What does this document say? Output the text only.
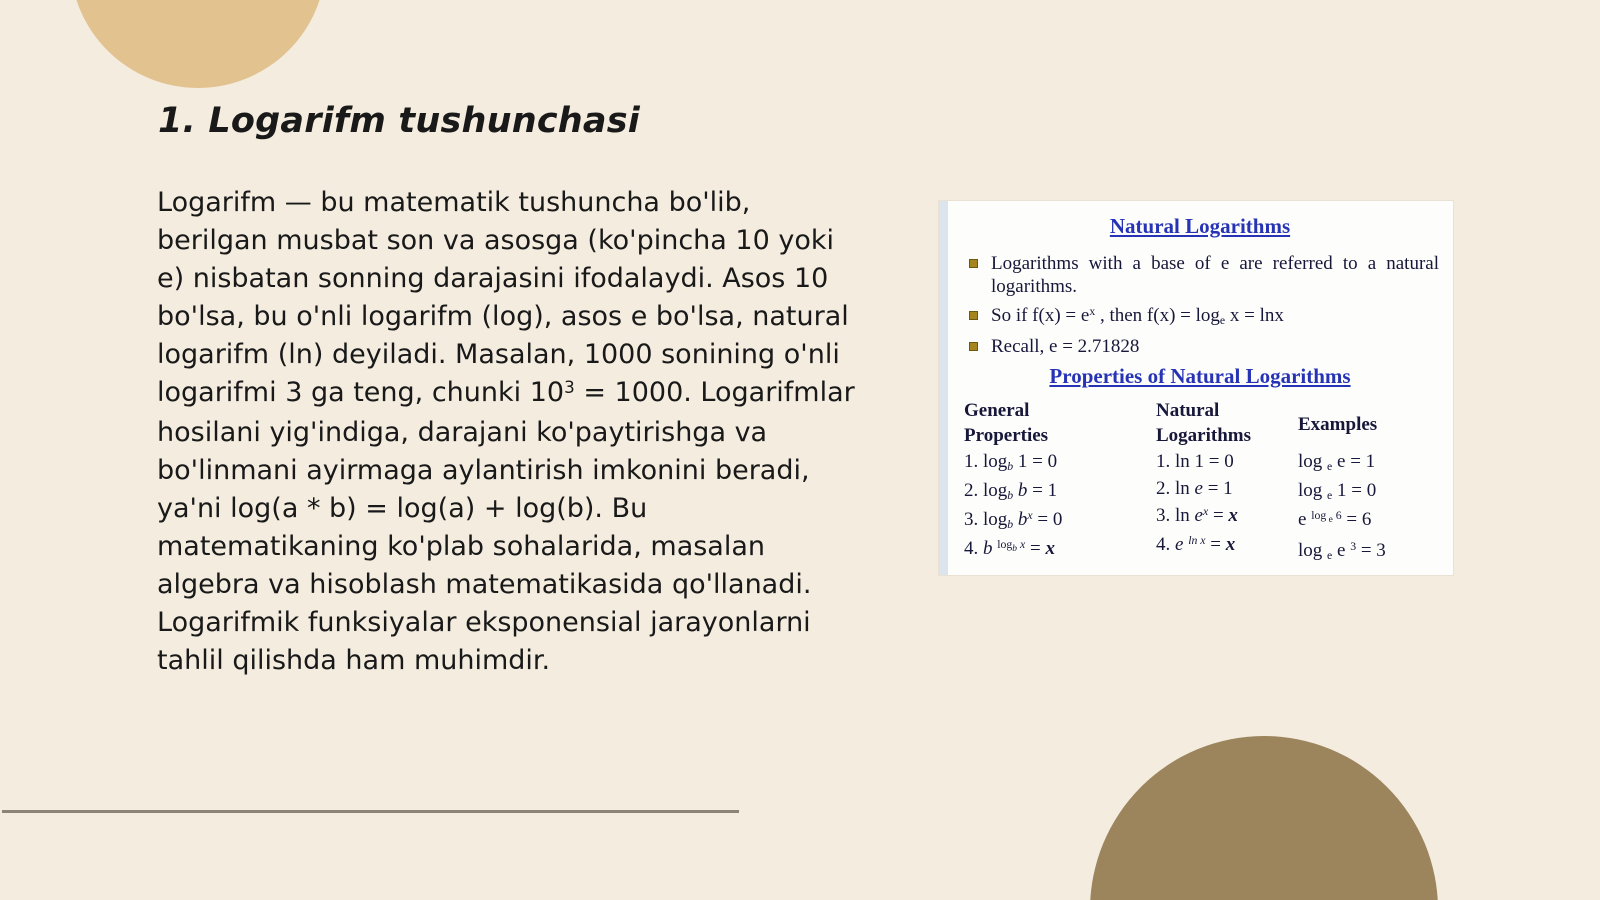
1. Logarifm tushunchasi

Logarifm — bu matematik tushuncha bo'lib, berilgan musbat son va asosga (ko'pincha 10 yoki e) nisbatan sonning darajasini ifodalaydi. Asos 10 bo'lsa, bu o'nli logarifm (log), asos e bo'lsa, natural logarifm (ln) deyiladi. Masalan, 1000 sonining o'nli logarifmi 3 ga teng, chunki $10^3 = 1000$. Logarifmlar hosilani yig'indiga, darajani ko'paytirishga va bo'linmani ayirmaga aylantirish imkonini beradi, ya'ni log(a * b) = log(a) + log(b). Bu matematikaning ko'plab sohalarida, masalan algebra va hisoblash matematikasida qo'llanadi. Logarifmik funksiyalar eksponensial jarayonlarni tahlil qilishda ham muhimdir.

Natural Logarithms
Logarithms with a base of e are referred to a natural logarithms.
So if $f(x) = e^x$ , then f(x) = loge x = lnx
Recall, e = 2.71828
Properties of Natural Logarithms
General Properties
1. logb 1 = 0
2. logb b = 1
3. logb $b^x = 0$
4. b $^{log}$b $^x$ = x
Natural Logarithms
1. ln 1 = 0
2. ln e = 1
3. $\ln e^x = x$
4. e $^{ln x}$ = x
Examples
log e e = 1
log e 1 = 0
e $^{log}$ e $^6$ = 6
log e e $^3$ = 3
